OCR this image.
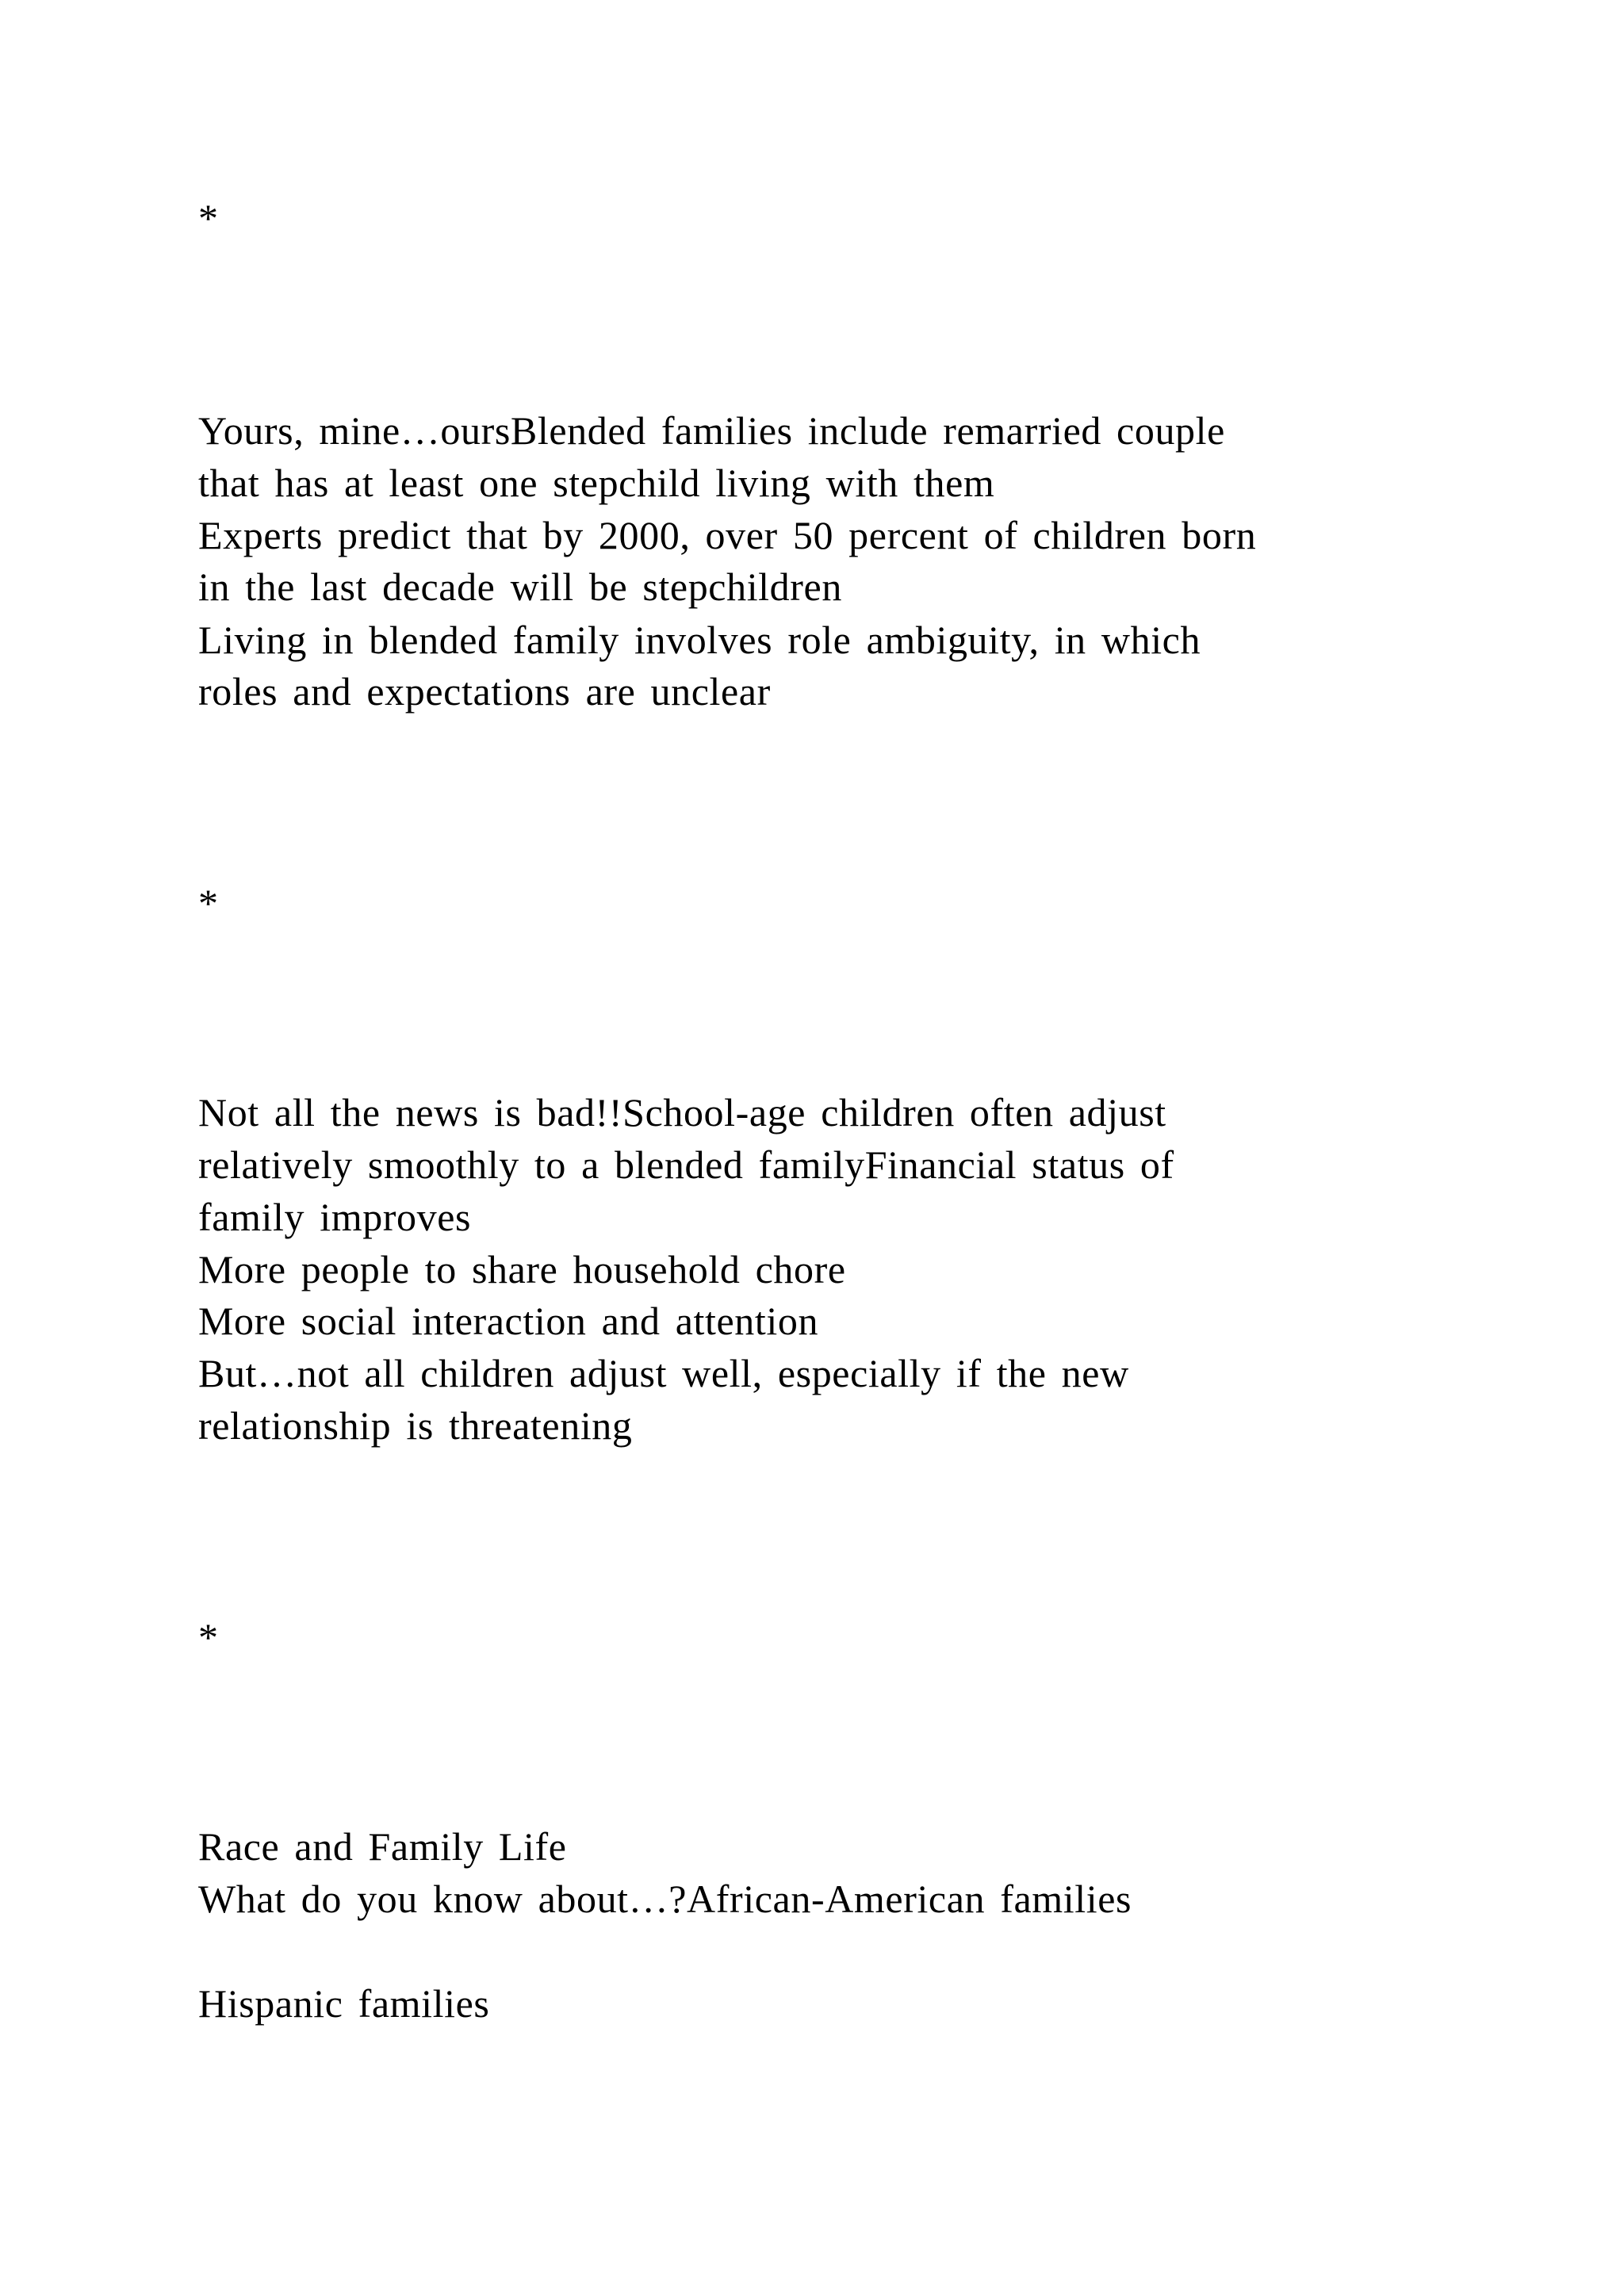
*

Yours, mine…oursBlended families include remarried couple

that has at least one stepchild living with them

Experts predict that by 2000, over 50 percent of children born

in the last decade will be stepchildren

Living in blended family involves role ambiguity, in which

roles and expectations are unclear

*

Not all the news is bad!!School-age children often adjust

relatively smoothly to a blended familyFinancial status of

family improves

More people to share household chore

More social interaction and attention

But…not all children adjust well, especially if the new

relationship is threatening

*

Race and Family Life

What do you know about…?African-American families

Hispanic families
